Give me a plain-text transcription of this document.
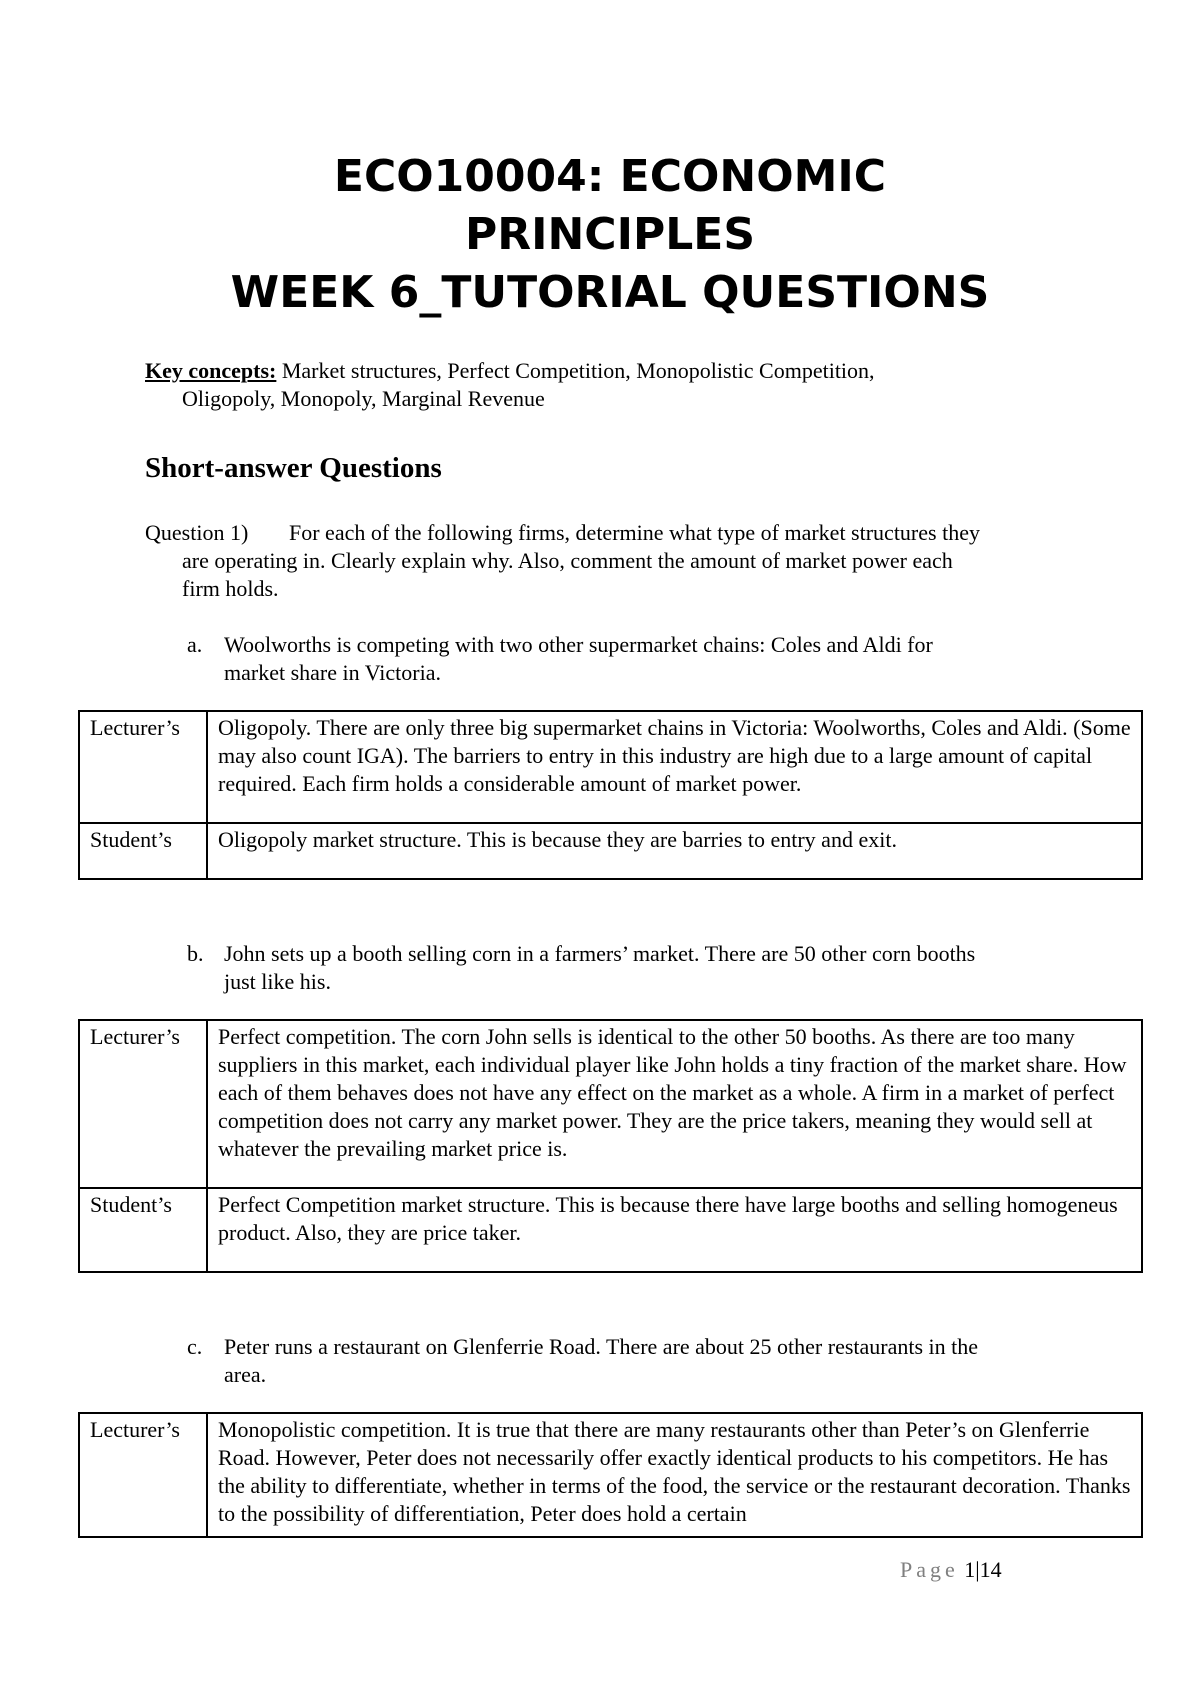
ECO10004: ECONOMIC
PRINCIPLES
WEEK 6_TUTORIAL QUESTIONS
Key concepts: Market structures, Perfect Competition, Monopolistic Competition,
Oligopoly, Monopoly, Marginal Revenue
Short-answer Questions
Question 1) For each of the following firms, determine what type of market structures they
are operating in. Clearly explain why. Also, comment the amount of market power each
firm holds.
a. Woolworths is competing with two other supermarket chains: Coles and Aldi for
market share in Victoria.
Lecturer’s	Oligopoly. There are only three big supermarket chains in Victoria: Woolworths, Coles and Aldi. (Some may also count IGA). The barriers to entry in this industry are high due to a large amount of capital required. Each firm holds a considerable amount of market power.
Student’s	Oligopoly market structure. This is because they are barries to entry and exit.
b. John sets up a booth selling corn in a farmers’ market. There are 50 other corn booths
just like his.
Lecturer’s	Perfect competition. The corn John sells is identical to the other 50 booths. As there are too many suppliers in this market, each individual player like John holds a tiny fraction of the market share. How each of them behaves does not have any effect on the market as a whole. A firm in a market of perfect competition does not carry any market power. They are the price takers, meaning they would sell at whatever the prevailing market price is.
Student’s	Perfect Competition market structure. This is because there have large booths and selling homogeneus product. Also, they are price taker.
c. Peter runs a restaurant on Glenferrie Road. There are about 25 other restaurants in the
area.
Lecturer’s	Monopolistic competition. It is true that there are many restaurants other than Peter’s on Glenferrie Road. However, Peter does not necessarily offer exactly identical products to his competitors. He has the ability to differentiate, whether in terms of the food, the service or the restaurant decoration. Thanks to the possibility of differentiation, Peter does hold a certain
Page 1|14
